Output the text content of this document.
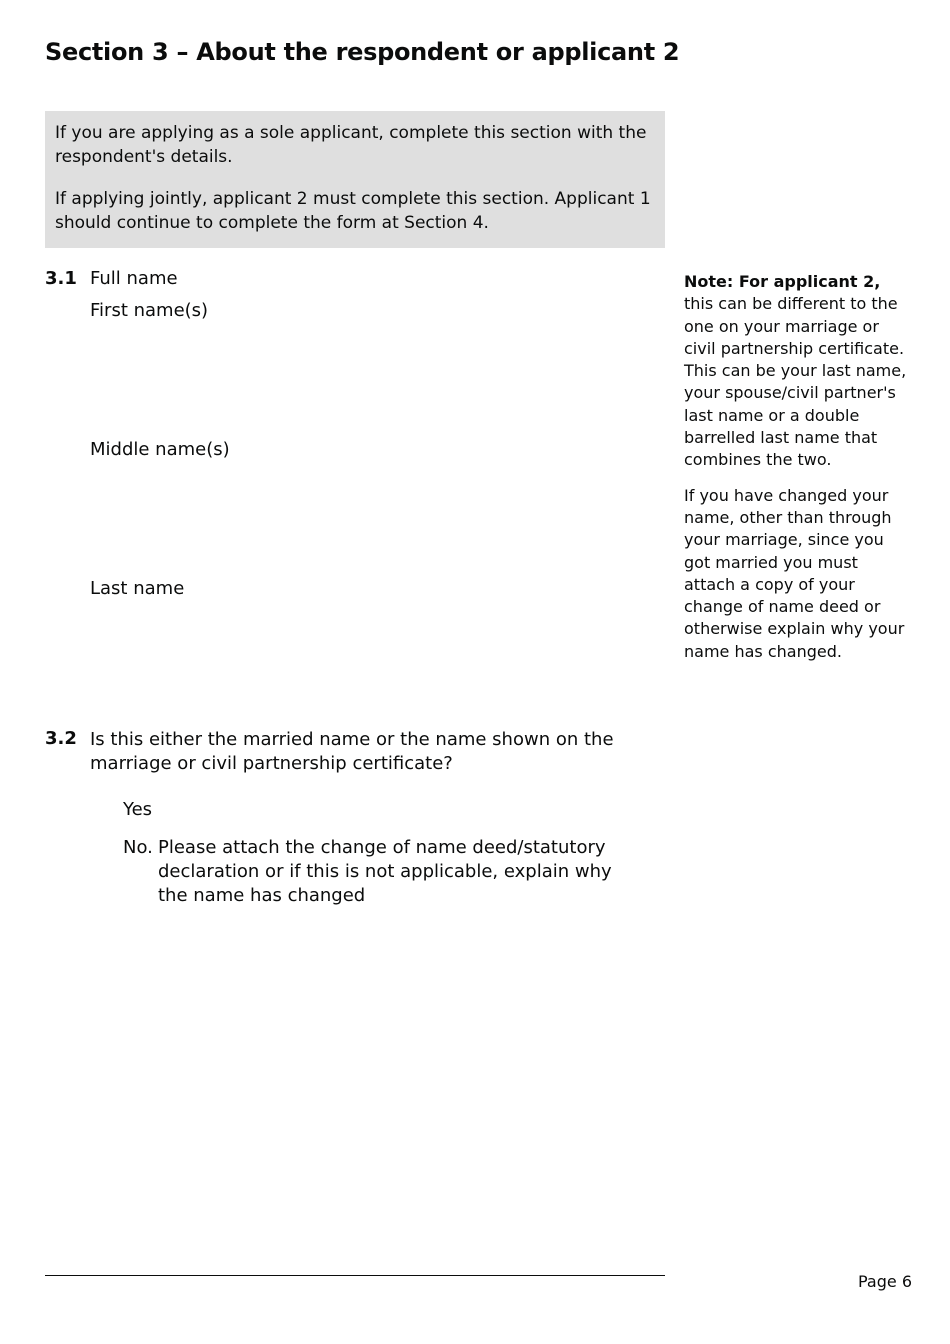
Section 3 – About the respondent or applicant 2

If you are applying as a sole applicant, complete this section with the respondent's details.

If applying jointly, applicant 2 must complete this section. Applicant 1 should continue to complete the form at Section 4.

3.1 Full name
First name(s)
Middle name(s)
Last name

Note: For applicant 2, this can be different to the one on your marriage or civil partnership certificate. This can be your last name, your spouse/civil partner's last name or a double barrelled last name that combines the two.

If you have changed your name, other than through your marriage, since you got married you must attach a copy of your change of name deed or otherwise explain why your name has changed.

3.2 Is this either the married name or the name shown on the marriage or civil partnership certificate?
Yes
No. Please attach the change of name deed/statutory declaration or if this is not applicable, explain why the name has changed
Page 6
